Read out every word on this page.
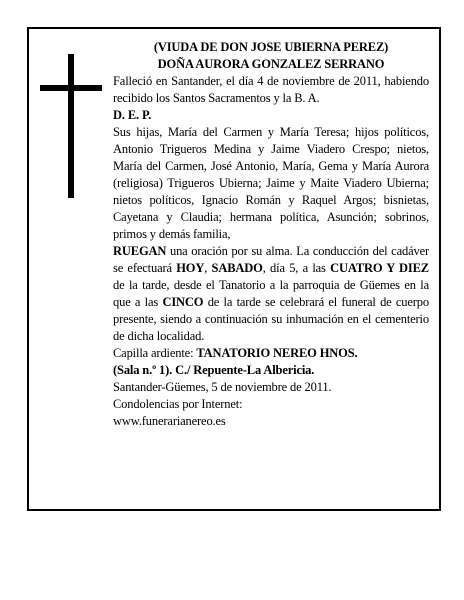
(VIUDA DE DON JOSE UBIERNA PEREZ)

DOÑA AURORA GONZALEZ SERRANO

Falleció en Santander, el día 4 de noviembre de 2011, habiendo recibido los Santos Sacramentos y la B. A.

D. E. P.

Sus hijas, María del Carmen y María Teresa; hijos políticos, Antonio Trigueros Medina y Jaime Viadero Crespo; nietos, María del Carmen, José Antonio, María, Gema y María Aurora (religiosa) Trigueros Ubierna; Jaime y Maite Viadero Ubierna; nietos políticos, Ignacio Román y Raquel Argos; bisnietas, Cayetana y Claudia; hermana política, Asunción; sobrinos, primos y demás familia,

RUEGAN una oración por su alma. La conducción del cadáver se efectuará HOY, SABADO, día 5, a las CUATRO Y DIEZ de la tarde, desde el Tanatorio a la parroquia de Güemes en la que a las CINCO de la tarde se celebrará el funeral de cuerpo presente, siendo a continuación su inhumación en el cementerio de dicha localidad.

Capilla ardiente: TANATORIO NEREO HNOS.

(Sala n.º 1). C./ Repuente-La Albericia.

Santander-Güemes, 5 de noviembre de 2011.

Condolencias por Internet:

www.funerarianereo.es
